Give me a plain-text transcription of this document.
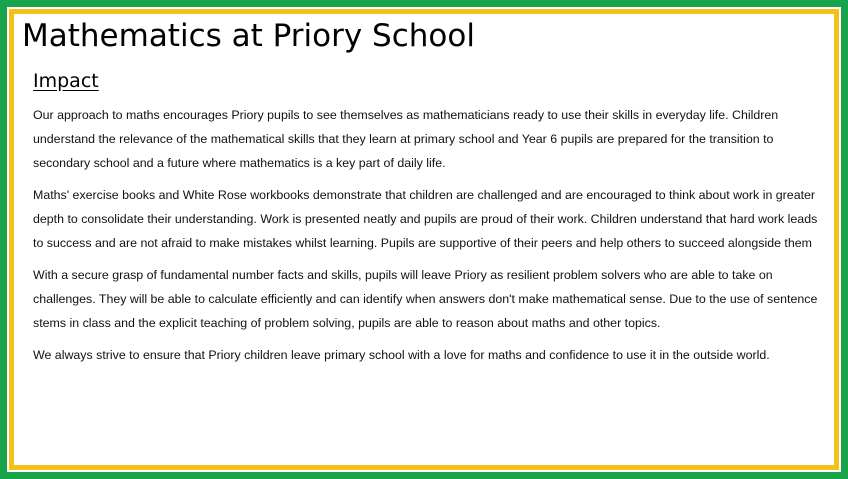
Mathematics at Priory School
Impact

Our approach to maths encourages Priory pupils to see themselves as mathematicians ready to use their skills in everyday life. Children understand the relevance of the mathematical skills that they learn at primary school and Year 6 pupils are prepared for the transition to secondary school and a future where mathematics is a key part of daily life.

Maths' exercise books and White Rose workbooks demonstrate that children are challenged and are encouraged to think about work in greater depth to consolidate their understanding. Work is presented neatly and pupils are proud of their work. Children understand that hard work leads to success and are not afraid to make mistakes whilst learning. Pupils are supportive of their peers and help others to succeed alongside them

With a secure grasp of fundamental number facts and skills, pupils will leave Priory as resilient problem solvers who are able to take on challenges. They will be able to calculate efficiently and can identify when answers don't make mathematical sense. Due to the use of sentence stems in class and the explicit teaching of problem solving, pupils are able to reason about maths and other topics.

We always strive to ensure that Priory children leave primary school with a love for maths and confidence to use it in the outside world.
